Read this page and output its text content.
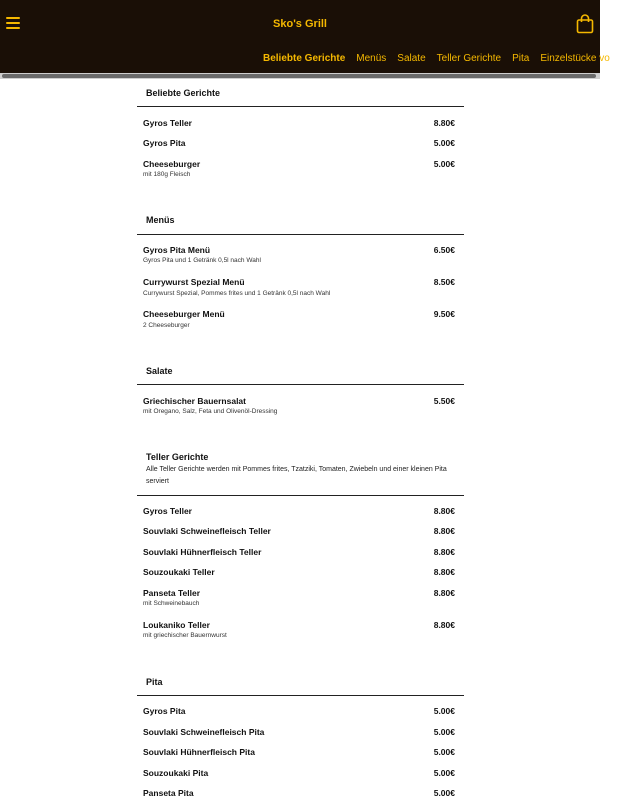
Sko's Grill
Beliebte Gerichte Menüs Salate Teller Gerichte Pita Einzelstücke vo
Beliebte Gerichte
Gyros Teller	8.80€
Gyros Pita	5.00€
Cheeseburger	5.00€
mit 180g Fleisch
Menüs
Gyros Pita Menü	6.50€
Gyros Pita und 1 Getränk 0,5l nach Wahl
Currywurst Spezial Menü	8.50€
Currywurst Spezial, Pommes frites und 1 Getränk 0,5l nach Wahl
Cheeseburger Menü	9.50€
2 Cheeseburger
Salate
Griechischer Bauernsalat	5.50€
mit Oregano, Salz, Feta und Olivenöl-Dressing
Teller Gerichte
Alle Teller Gerichte werden mit Pommes frites, Tzatziki, Tomaten, Zwiebeln und einer kleinen Pita serviert
Gyros Teller	8.80€
Souvlaki Schweinefleisch Teller	8.80€
Souvlaki Hühnerfleisch Teller	8.80€
Souzoukaki Teller	8.80€
Panseta Teller	8.80€
mit Schweinebauch
Loukaniko Teller	8.80€
mit griechischer Bauernwurst
Pita
Gyros Pita	5.00€
Souvlaki Schweinefleisch Pita	5.00€
Souvlaki Hühnerfleisch Pita	5.00€
Souzoukaki Pita	5.00€
Panseta Pita	5.00€
